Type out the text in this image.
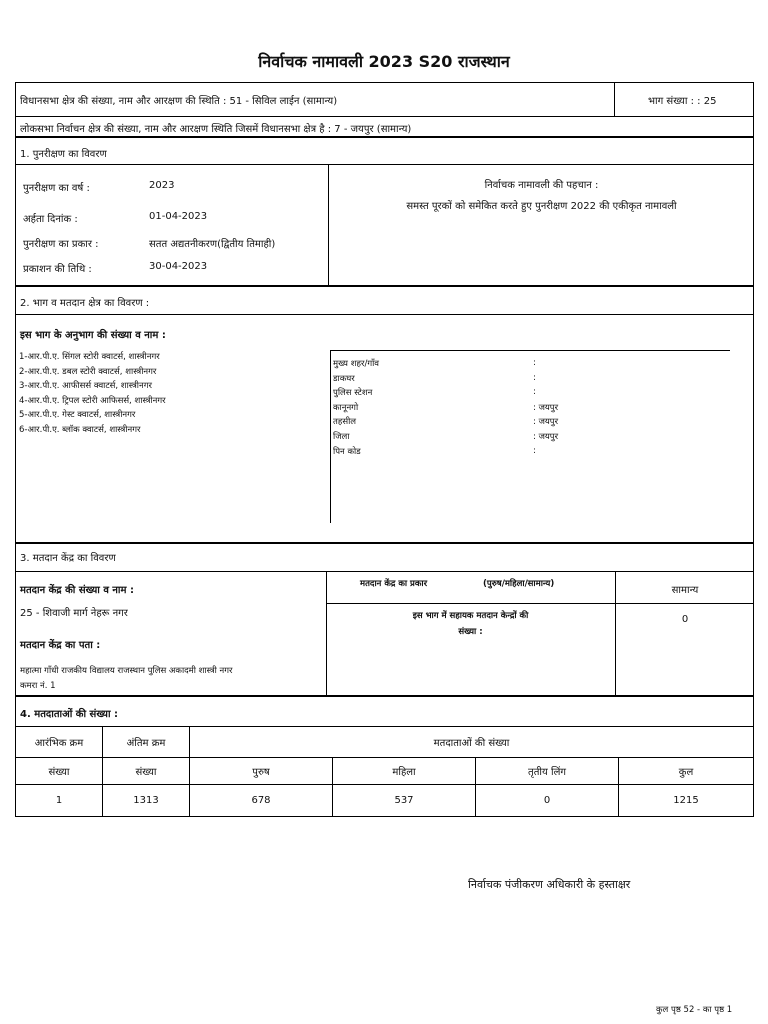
निर्वाचक नामावली 2023 S20 राजस्थान
विधानसभा क्षेत्र की संख्या, नाम और आरक्षण की स्थिति : 51 - सिविल लाईन (सामान्य)	भाग संख्या : : 25
लोकसभा निर्वाचन क्षेत्र की संख्या, नाम और आरक्षण स्थिति जिसमें विधानसभा क्षेत्र है : 7 - जयपुर (सामान्य)
1. पुनरीक्षण का विवरण
पुनरीक्षण का वर्ष :	2023
अर्हता दिनांक :	01-04-2023
पुनरीक्षण का प्रकार :	सतत अद्यतनीकरण(द्वितीय तिमाही)
प्रकाशन की तिथि :	30-04-2023
निर्वाचक नामावली की पहचान :
समस्त पूरकों को समेकित करते हुए पुनरीक्षण 2022 की एकीकृत नामावली
2. भाग व मतदान क्षेत्र का विवरण :
इस भाग के अनुभाग की संख्या व नाम :
1-आर.पी.ए. सिंगल स्टोरी क्वाटर्स, शास्त्रीनगर
2-आर.पी.ए. डबल स्टोरी क्वाटर्स, शास्त्रीनगर
3-आर.पी.ए. आफीसर्स क्वाटर्स, शास्त्रीनगर
4-आर.पी.ए. ट्रिपल स्टोरी आफिसर्स, शास्त्रीनगर
5-आर.पी.ए. गेस्ट क्वाटर्स, शास्त्रीनगर
6-आर.पी.ए. ब्लॉक क्वाटर्स, शास्त्रीनगर
मुख्य शहर/गाँव	:
डाकघर	:
पुलिस स्टेशन	:
कानूनगो	: जयपुर
तहसील	: जयपुर
जिला	: जयपुर
पिन कोड	:
3. मतदान केंद्र का विवरण
मतदान केंद्र की संख्या व नाम :
25 - शिवाजी मार्ग नेहरू नगर
मतदान केंद्र का पता :
महात्मा गाँधी राजकीय विद्यालय राजस्थान पुलिस अकादमी शास्त्री नगर
कमरा नं. 1
मतदान केंद्र का प्रकार	(पुरुष/महिला/सामान्य)
सामान्य
इस भाग में सहायक मतदान केन्द्रों की
संख्या :
0
4. मतदाताओं की संख्या :
आरंभिक क्रम	अंतिम क्रम	मतदाताओं की संख्या			
संख्या	संख्या	पुरुष	महिला	तृतीय लिंग	कुल
1	1313	678	537	0	1215
निर्वाचक पंजीकरण अधिकारी के हस्ताक्षर
कुल पृष्ठ 52 - का पृष्ठ 1
